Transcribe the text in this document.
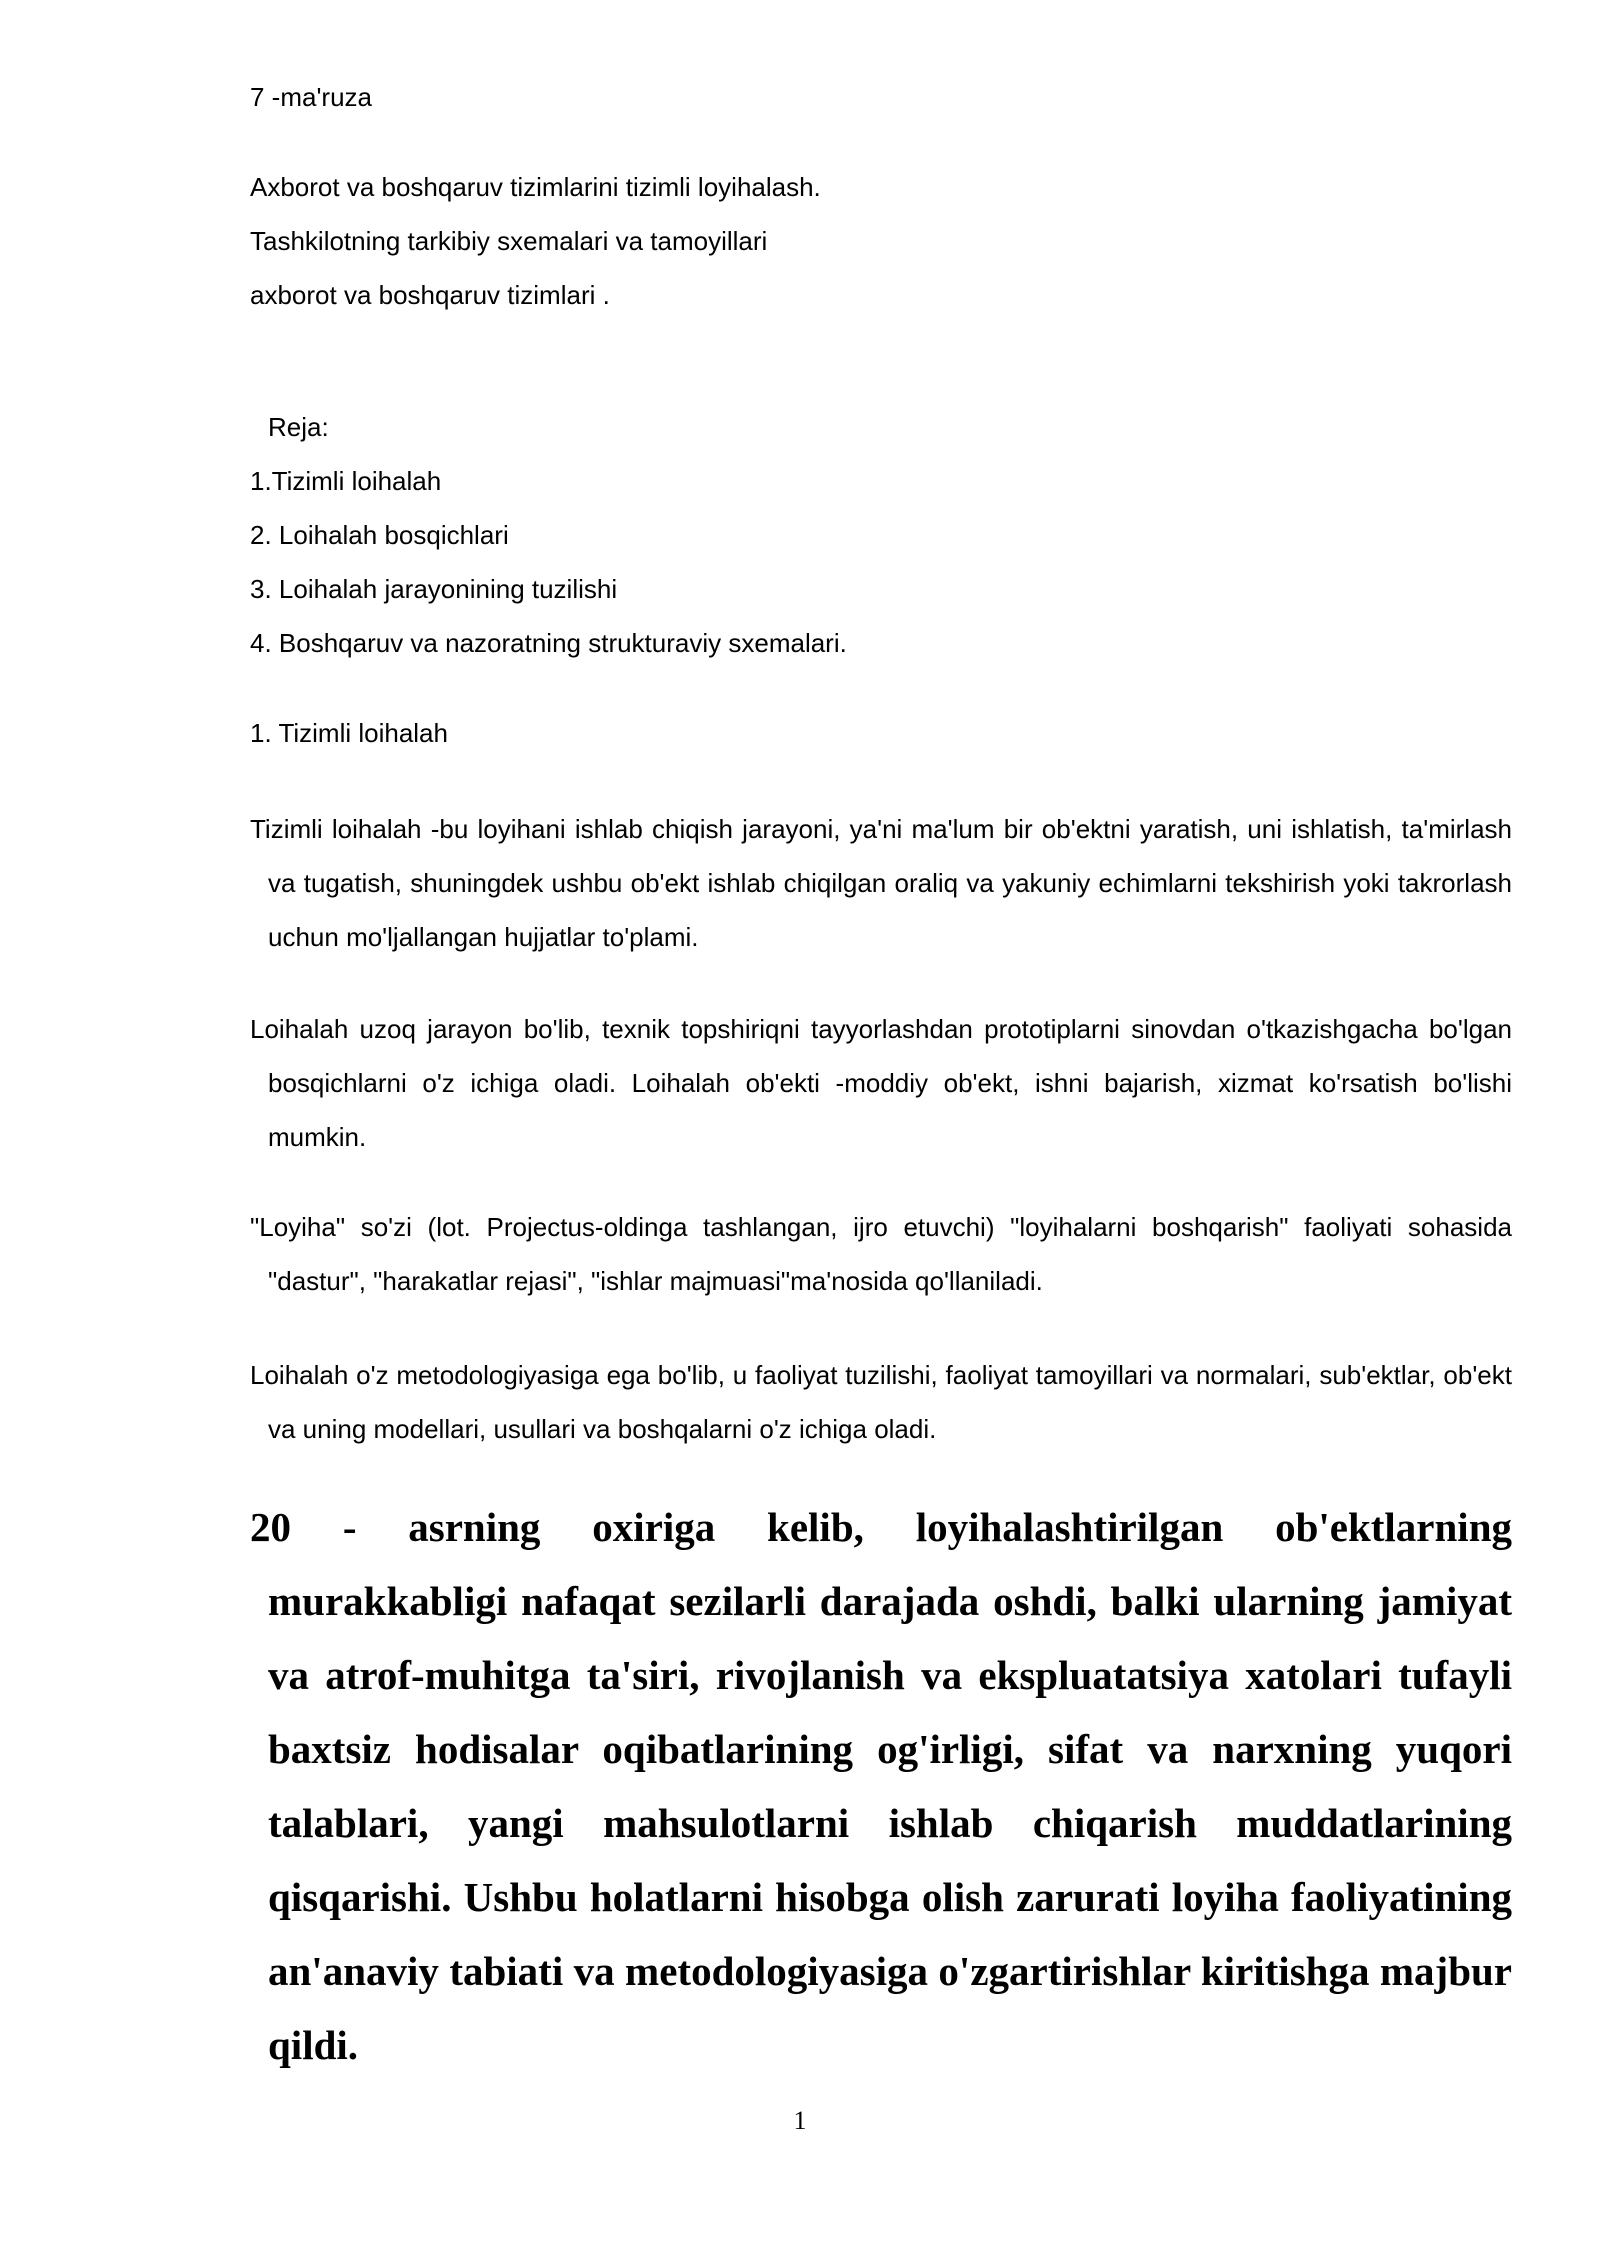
7 -ma'ruza

Axborot va boshqaruv tizimlarini tizimli loyihalash.

Tashkilotning tarkibiy sxemalari va tamoyillari

axborot va boshqaruv tizimlari .

Reja:

1.Tizimli loihalah

2. Loihalah bosqichlari

3. Loihalah jarayonining tuzilishi

4. Boshqaruv va nazoratning strukturaviy sxemalari.

1. Tizimli loihalah

Tizimli loihalah -bu loyihani ishlab chiqish jarayoni, ya'ni ma'lum bir ob'ektni yaratish, uni ishlatish, ta'mirlash va tugatish, shuningdek ushbu ob'ekt ishlab chiqilgan oraliq va yakuniy echimlarni tekshirish yoki takrorlash uchun mo'ljallangan hujjatlar to'plami.

Loihalah uzoq jarayon bo'lib, texnik topshiriqni tayyorlashdan prototiplarni sinovdan o'tkazishgacha bo'lgan bosqichlarni o'z ichiga oladi. Loihalah ob'ekti -moddiy ob'ekt, ishni bajarish, xizmat ko'rsatish bo'lishi mumkin.

"Loyiha" so'zi (lot. Projectus-oldinga tashlangan, ijro etuvchi) "loyihalarni boshqarish" faoliyati sohasida "dastur", "harakatlar rejasi", "ishlar majmuasi"ma'nosida qo'llaniladi.

Loihalah o'z metodologiyasiga ega bo'lib, u faoliyat tuzilishi, faoliyat tamoyillari va normalari, sub'ektlar, ob'ekt va uning modellari, usullari va boshqalarni o'z ichiga oladi.

20 - asrning oxiriga kelib, loyihalashtirilgan ob'ektlarning murakkabligi nafaqat sezilarli darajada oshdi, balki ularning jamiyat va atrof-muhitga ta'siri, rivojlanish va ekspluatatsiya xatolari tufayli baxtsiz hodisalar oqibatlarining og'irligi, sifat va narxning yuqori talablari, yangi mahsulotlarni ishlab chiqarish muddatlarining qisqarishi. Ushbu holatlarni hisobga olish zarurati loyiha faoliyatining an'anaviy tabiati va metodologiyasiga o'zgartirishlar kiritishga majbur qildi.

1
